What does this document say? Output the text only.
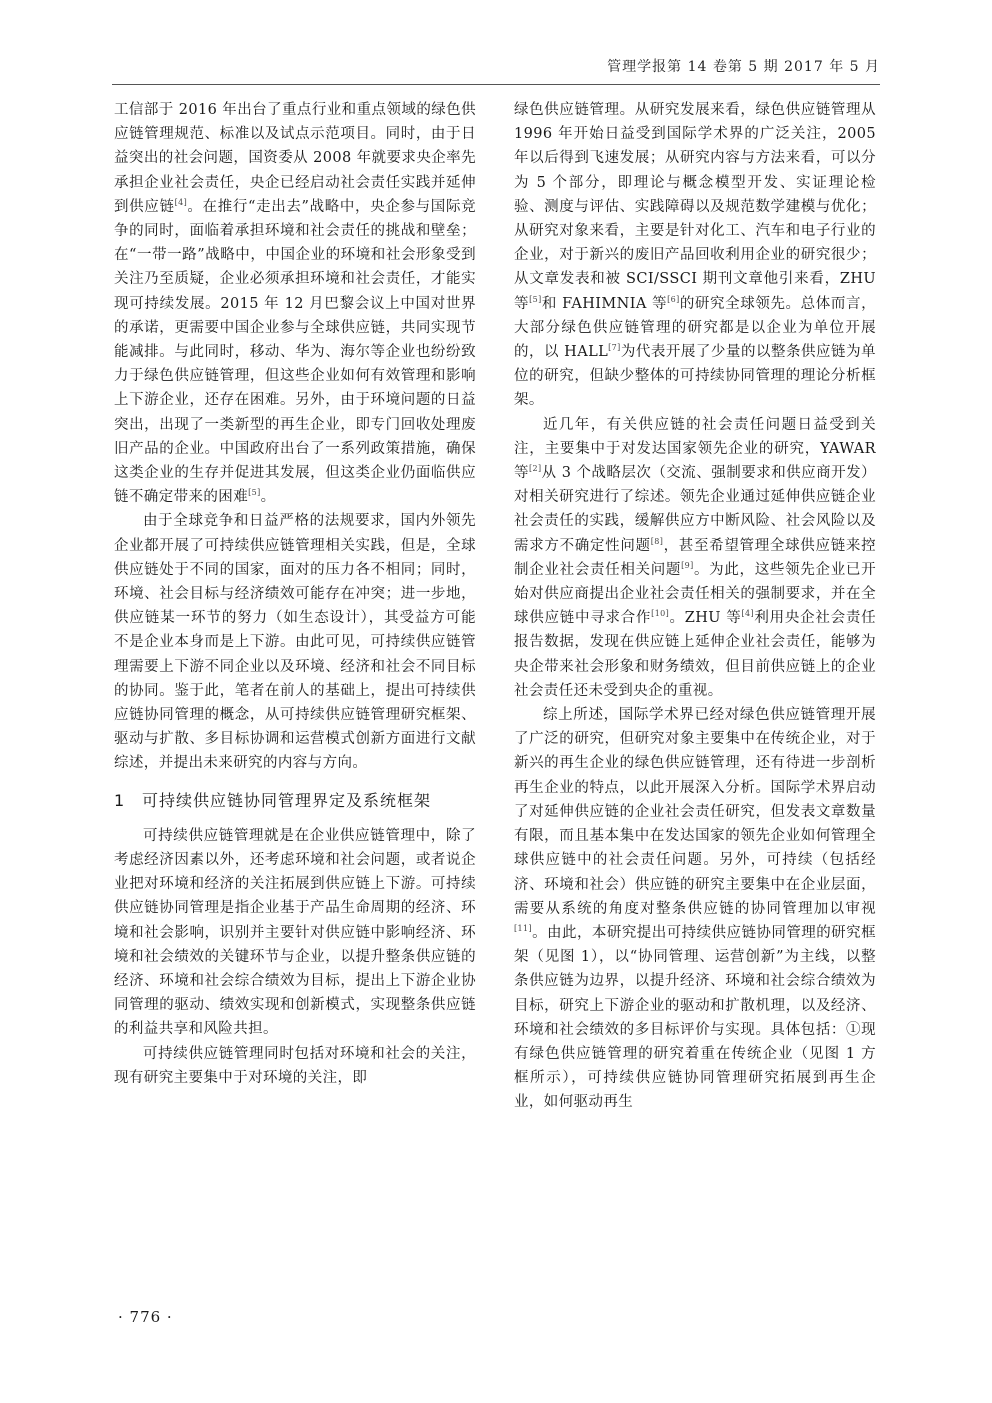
管理学报第 14 卷第 5 期 2017 年 5 月

工信部于 2016 年出台了重点行业和重点领域的绿色供应链管理规范、标准以及试点示范项目。同时，由于日益突出的社会问题，国资委从 2008 年就要求央企率先承担企业社会责任，央企已经启动社会责任实践并延伸到供应链[4]。在推行“走出去”战略中，央企参与国际竞争的同时，面临着承担环境和社会责任的挑战和壁垒；在“一带一路”战略中，中国企业的环境和社会形象受到关注乃至质疑，企业必须承担环境和社会责任，才能实现可持续发展。2015 年 12 月巴黎会议上中国对世界的承诺，更需要中国企业参与全球供应链，共同实现节能减排。与此同时，移动、华为、海尔等企业也纷纷致力于绿色供应链管理，但这些企业如何有效管理和影响上下游企业，还存在困难。另外，由于环境问题的日益突出，出现了一类新型的再生企业，即专门回收处理废旧产品的企业。中国政府出台了一系列政策措施，确保这类企业的生存并促进其发展，但这类企业仍面临供应链不确定带来的困难[5]。

由于全球竞争和日益严格的法规要求，国内外领先企业都开展了可持续供应链管理相关实践，但是，全球供应链处于不同的国家，面对的压力各不相同；同时，环境、社会目标与经济绩效可能存在冲突；进一步地，供应链某一环节的努力（如生态设计），其受益方可能不是企业本身而是上下游。由此可见，可持续供应链管理需要上下游不同企业以及环境、经济和社会不同目标的协同。鉴于此，笔者在前人的基础上，提出可持续供应链协同管理的概念，从可持续供应链管理研究框架、驱动与扩散、多目标协调和运营模式创新方面进行文献综述，并提出未来研究的内容与方向。

1 可持续供应链协同管理界定及系统框架

可持续供应链管理就是在企业供应链管理中，除了考虑经济因素以外，还考虑环境和社会问题，或者说企业把对环境和经济的关注拓展到供应链上下游。可持续供应链协同管理是指企业基于产品生命周期的经济、环境和社会影响，识别并主要针对供应链中影响经济、环境和社会绩效的关键环节与企业，以提升整条供应链的经济、环境和社会综合绩效为目标，提出上下游企业协同管理的驱动、绩效实现和创新模式，实现整条供应链的利益共享和风险共担。

可持续供应链管理同时包括对环境和社会的关注，现有研究主要集中于对环境的关注，即

绿色供应链管理。从研究发展来看，绿色供应链管理从 1996 年开始日益受到国际学术界的广泛关注，2005 年以后得到飞速发展；从研究内容与方法来看，可以分为 5 个部分，即理论与概念模型开发、实证理论检验、测度与评估、实践障碍以及规范数学建模与优化；从研究对象来看，主要是针对化工、汽车和电子行业的企业，对于新兴的废旧产品回收利用企业的研究很少；从文章发表和被 SCI/SSCI 期刊文章他引来看，ZHU 等[5]和 FAHIMNIA 等[6]的研究全球领先。总体而言，大部分绿色供应链管理的研究都是以企业为单位开展的，以 HALL[7]为代表开展了少量的以整条供应链为单位的研究，但缺少整体的可持续协同管理的理论分析框架。

近几年，有关供应链的社会责任问题日益受到关注，主要集中于对发达国家领先企业的研究，YAWAR 等[2]从 3 个战略层次（交流、强制要求和供应商开发）对相关研究进行了综述。领先企业通过延伸供应链企业社会责任的实践，缓解供应方中断风险、社会风险以及需求方不确定性问题[8]，甚至希望管理全球供应链来控制企业社会责任相关问题[9]。为此，这些领先企业已开始对供应商提出企业社会责任相关的强制要求，并在全球供应链中寻求合作[10]。ZHU 等[4]利用央企社会责任报告数据，发现在供应链上延伸企业社会责任，能够为央企带来社会形象和财务绩效，但目前供应链上的企业社会责任还未受到央企的重视。

综上所述，国际学术界已经对绿色供应链管理开展了广泛的研究，但研究对象主要集中在传统企业，对于新兴的再生企业的绿色供应链管理，还有待进一步剖析再生企业的特点，以此开展深入分析。国际学术界启动了对延伸供应链的企业社会责任研究，但发表文章数量有限，而且基本集中在发达国家的领先企业如何管理全球供应链中的社会责任问题。另外，可持续（包括经济、环境和社会）供应链的研究主要集中在企业层面，需要从系统的角度对整条供应链的协同管理加以审视[11]。由此，本研究提出可持续供应链协同管理的研究框架（见图 1），以“协同管理、运营创新”为主线，以整条供应链为边界，以提升经济、环境和社会综合绩效为目标，研究上下游企业的驱动和扩散机理，以及经济、环境和社会绩效的多目标评价与实现。具体包括：①现有绿色供应链管理的研究着重在传统企业（见图 1 方框所示），可持续供应链协同管理研究拓展到再生企业，如何驱动再生

· 776 ·
